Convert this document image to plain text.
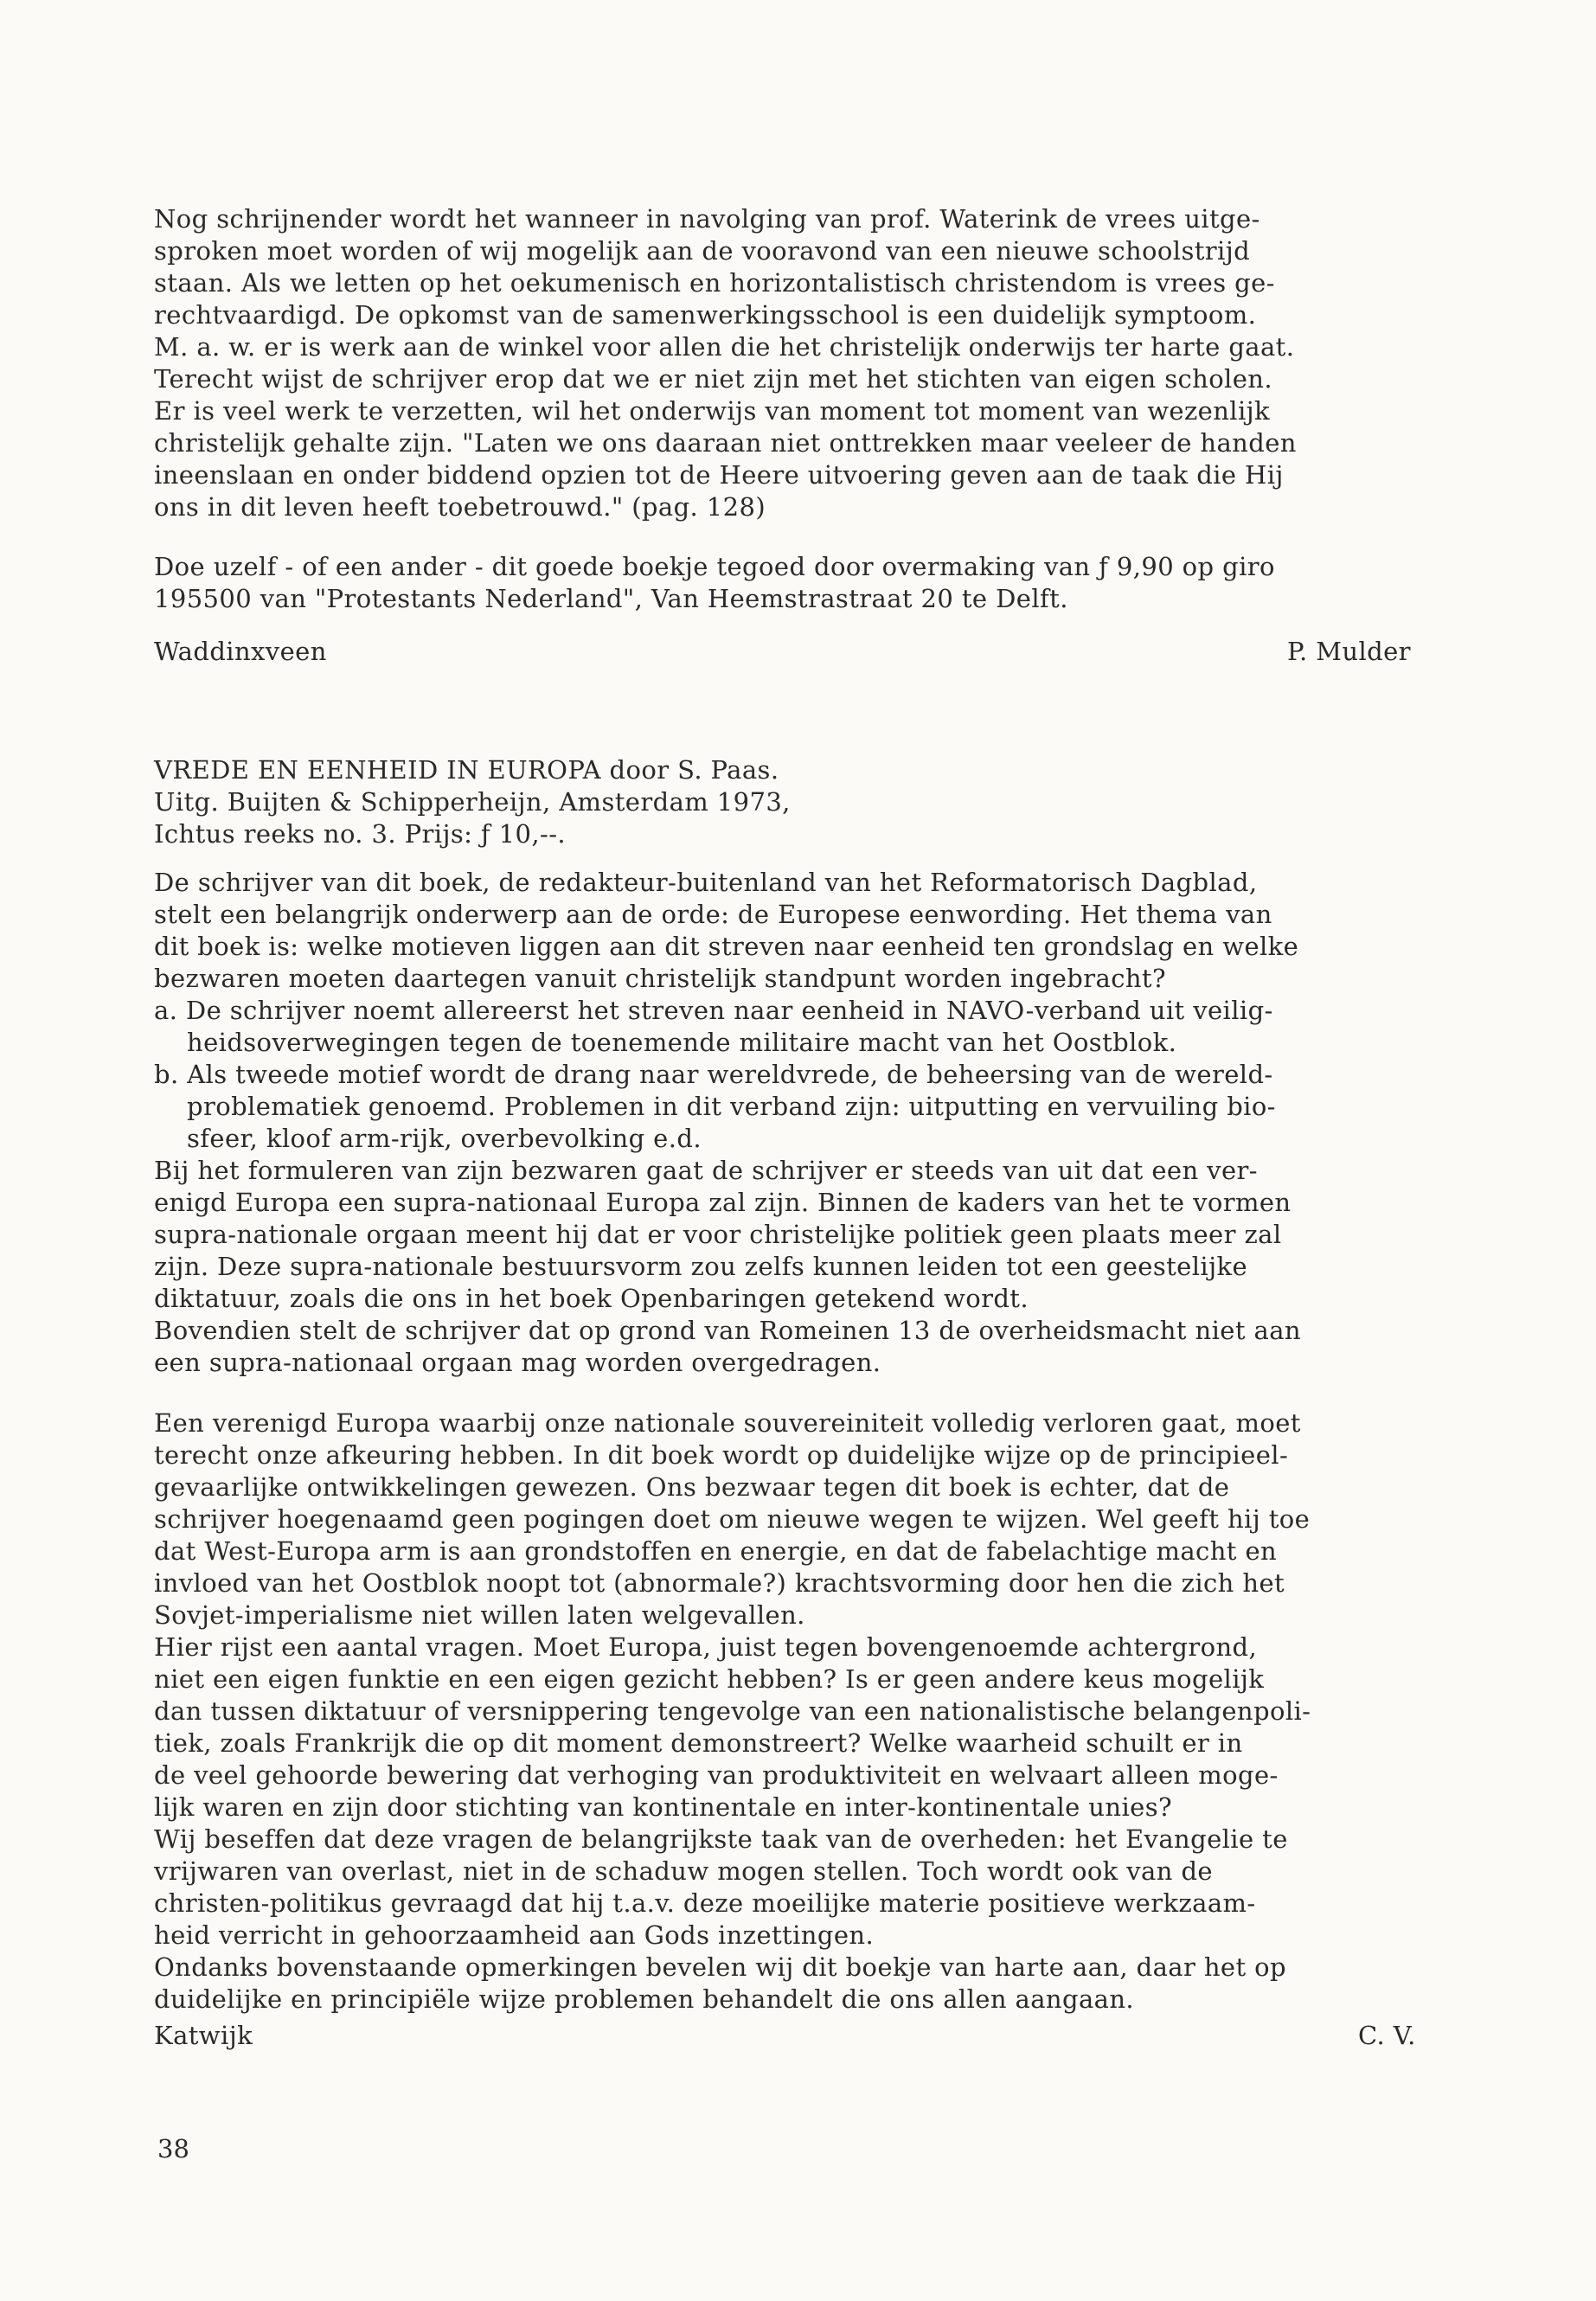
Nog schrijnender wordt het wanneer in navolging van prof. Waterink de vrees uitge-
sproken moet worden of wij mogelijk aan de vooravond van een nieuwe schoolstrijd
staan. Als we letten op het oekumenisch en horizontalistisch christendom is vrees ge-
rechtvaardigd. De opkomst van de samenwerkingsschool is een duidelijk symptoom.
M. a. w. er is werk aan de winkel voor allen die het christelijk onderwijs ter harte gaat.
Terecht wijst de schrijver erop dat we er niet zijn met het stichten van eigen scholen.
Er is veel werk te verzetten, wil het onderwijs van moment tot moment van wezenlijk
christelijk gehalte zijn. "Laten we ons daaraan niet onttrekken maar veeleer de handen
ineenslaan en onder biddend opzien tot de Heere uitvoering geven aan de taak die Hij
ons in dit leven heeft toebetrouwd." (pag. 128)
Doe uzelf - of een ander - dit goede boekje tegoed door overmaking van ƒ 9,90 op giro
195500 van "Protestants Nederland", Van Heemstrastraat 20 te Delft.
Waddinxveen	P. Mulder
VREDE EN EENHEID IN EUROPA door S. Paas.
Uitg. Buijten & Schipperheijn, Amsterdam 1973,
Ichtus reeks no. 3. Prijs: ƒ 10,--.
De schrijver van dit boek, de redakteur-buitenland van het Reformatorisch Dagblad,
stelt een belangrijk onderwerp aan de orde: de Europese eenwording. Het thema van
dit boek is: welke motieven liggen aan dit streven naar eenheid ten grondslag en welke
bezwaren moeten daartegen vanuit christelijk standpunt worden ingebracht?
a. De schrijver noemt allereerst het streven naar eenheid in NAVO-verband uit veilig-
heidsoverwegingen tegen de toenemende militaire macht van het Oostblok.
b. Als tweede motief wordt de drang naar wereldvrede, de beheersing van de wereld-
problematiek genoemd. Problemen in dit verband zijn: uitputting en vervuiling bio-
sfeer, kloof arm-rijk, overbevolking e.d.
Bij het formuleren van zijn bezwaren gaat de schrijver er steeds van uit dat een ver-
enigd Europa een supra-nationaal Europa zal zijn. Binnen de kaders van het te vormen
supra-nationale orgaan meent hij dat er voor christelijke politiek geen plaats meer zal
zijn. Deze supra-nationale bestuursvorm zou zelfs kunnen leiden tot een geestelijke
diktatuur, zoals die ons in het boek Openbaringen getekend wordt.
Bovendien stelt de schrijver dat op grond van Romeinen 13 de overheidsmacht niet aan
een supra-nationaal orgaan mag worden overgedragen.
Een verenigd Europa waarbij onze nationale souvereiniteit volledig verloren gaat, moet
terecht onze afkeuring hebben. In dit boek wordt op duidelijke wijze op de principieel-
gevaarlijke ontwikkelingen gewezen. Ons bezwaar tegen dit boek is echter, dat de
schrijver hoegenaamd geen pogingen doet om nieuwe wegen te wijzen. Wel geeft hij toe
dat West-Europa arm is aan grondstoffen en energie, en dat de fabelachtige macht en
invloed van het Oostblok noopt tot (abnormale?) krachtsvorming door hen die zich het
Sovjet-imperialisme niet willen laten welgevallen.
Hier rijst een aantal vragen. Moet Europa, juist tegen bovengenoemde achtergrond,
niet een eigen funktie en een eigen gezicht hebben? Is er geen andere keus mogelijk
dan tussen diktatuur of versnippering tengevolge van een nationalistische belangenpoli-
tiek, zoals Frankrijk die op dit moment demonstreert? Welke waarheid schuilt er in
de veel gehoorde bewering dat verhoging van produktiviteit en welvaart alleen moge-
lijk waren en zijn door stichting van kontinentale en inter-kontinentale unies?
Wij beseffen dat deze vragen de belangrijkste taak van de overheden: het Evangelie te
vrijwaren van overlast, niet in de schaduw mogen stellen. Toch wordt ook van de
christen-politikus gevraagd dat hij t.a.v. deze moeilijke materie positieve werkzaam-
heid verricht in gehoorzaamheid aan Gods inzettingen.
Ondanks bovenstaande opmerkingen bevelen wij dit boekje van harte aan, daar het op
duidelijke en principiële wijze problemen behandelt die ons allen aangaan.
Katwijk	C. V.
38
